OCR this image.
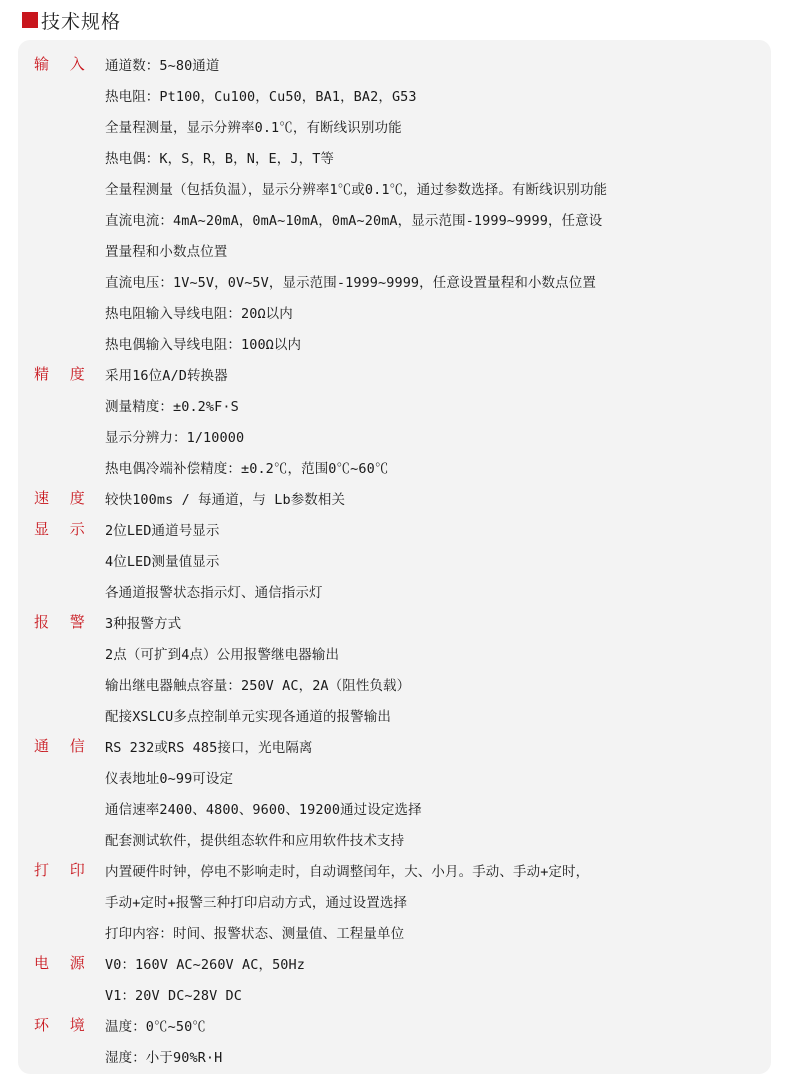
技术规格
输 入 通道数：5~80通道
热电阻：Pt100，Cu100，Cu50，BA1，BA2，G53
全量程测量，显示分辨率0.1℃，有断线识别功能
热电偶：K，S，R，B，N，E，J，T等
全量程测量（包括负温），显示分辨率1℃或0.1℃，通过参数选择。有断线识别功能
直流电流：4mA~20mA，0mA~10mA，0mA~20mA，显示范围-1999~9999，任意设
置量程和小数点位置
直流电压：1V~5V，0V~5V，显示范围-1999~9999，任意设置量程和小数点位置
热电阻输入导线电阻：20Ω以内
热电偶输入导线电阻：100Ω以内
精 度 采用16位A/D转换器
测量精度：±0.2%F·S
显示分辨力：1/10000
热电偶冷端补偿精度：±0.2℃，范围0℃~60℃
速 度 较快100ms / 每通道，与 Lb参数相关
显 示 2位LED通道号显示
4位LED测量值显示
各通道报警状态指示灯、通信指示灯
报 警 3种报警方式
2点（可扩到4点）公用报警继电器输出
输出继电器触点容量：250V AC，2A（阻性负载）
配接XSLCU多点控制单元实现各通道的报警输出
通 信 RS 232或RS 485接口，光电隔离
仪表地址0~99可设定
通信速率2400、4800、9600、19200通过设定选择
配套测试软件，提供组态软件和应用软件技术支持
打 印 内置硬件时钟，停电不影响走时，自动调整闰年，大、小月。手动、手动+定时，
手动+定时+报警三种打印启动方式，通过设置选择
打印内容：时间、报警状态、测量值、工程量单位
电 源 V0：160V AC~260V AC，50Hz
V1：20V DC~28V DC
环 境 温度：0℃~50℃
湿度：小于90%R·H
